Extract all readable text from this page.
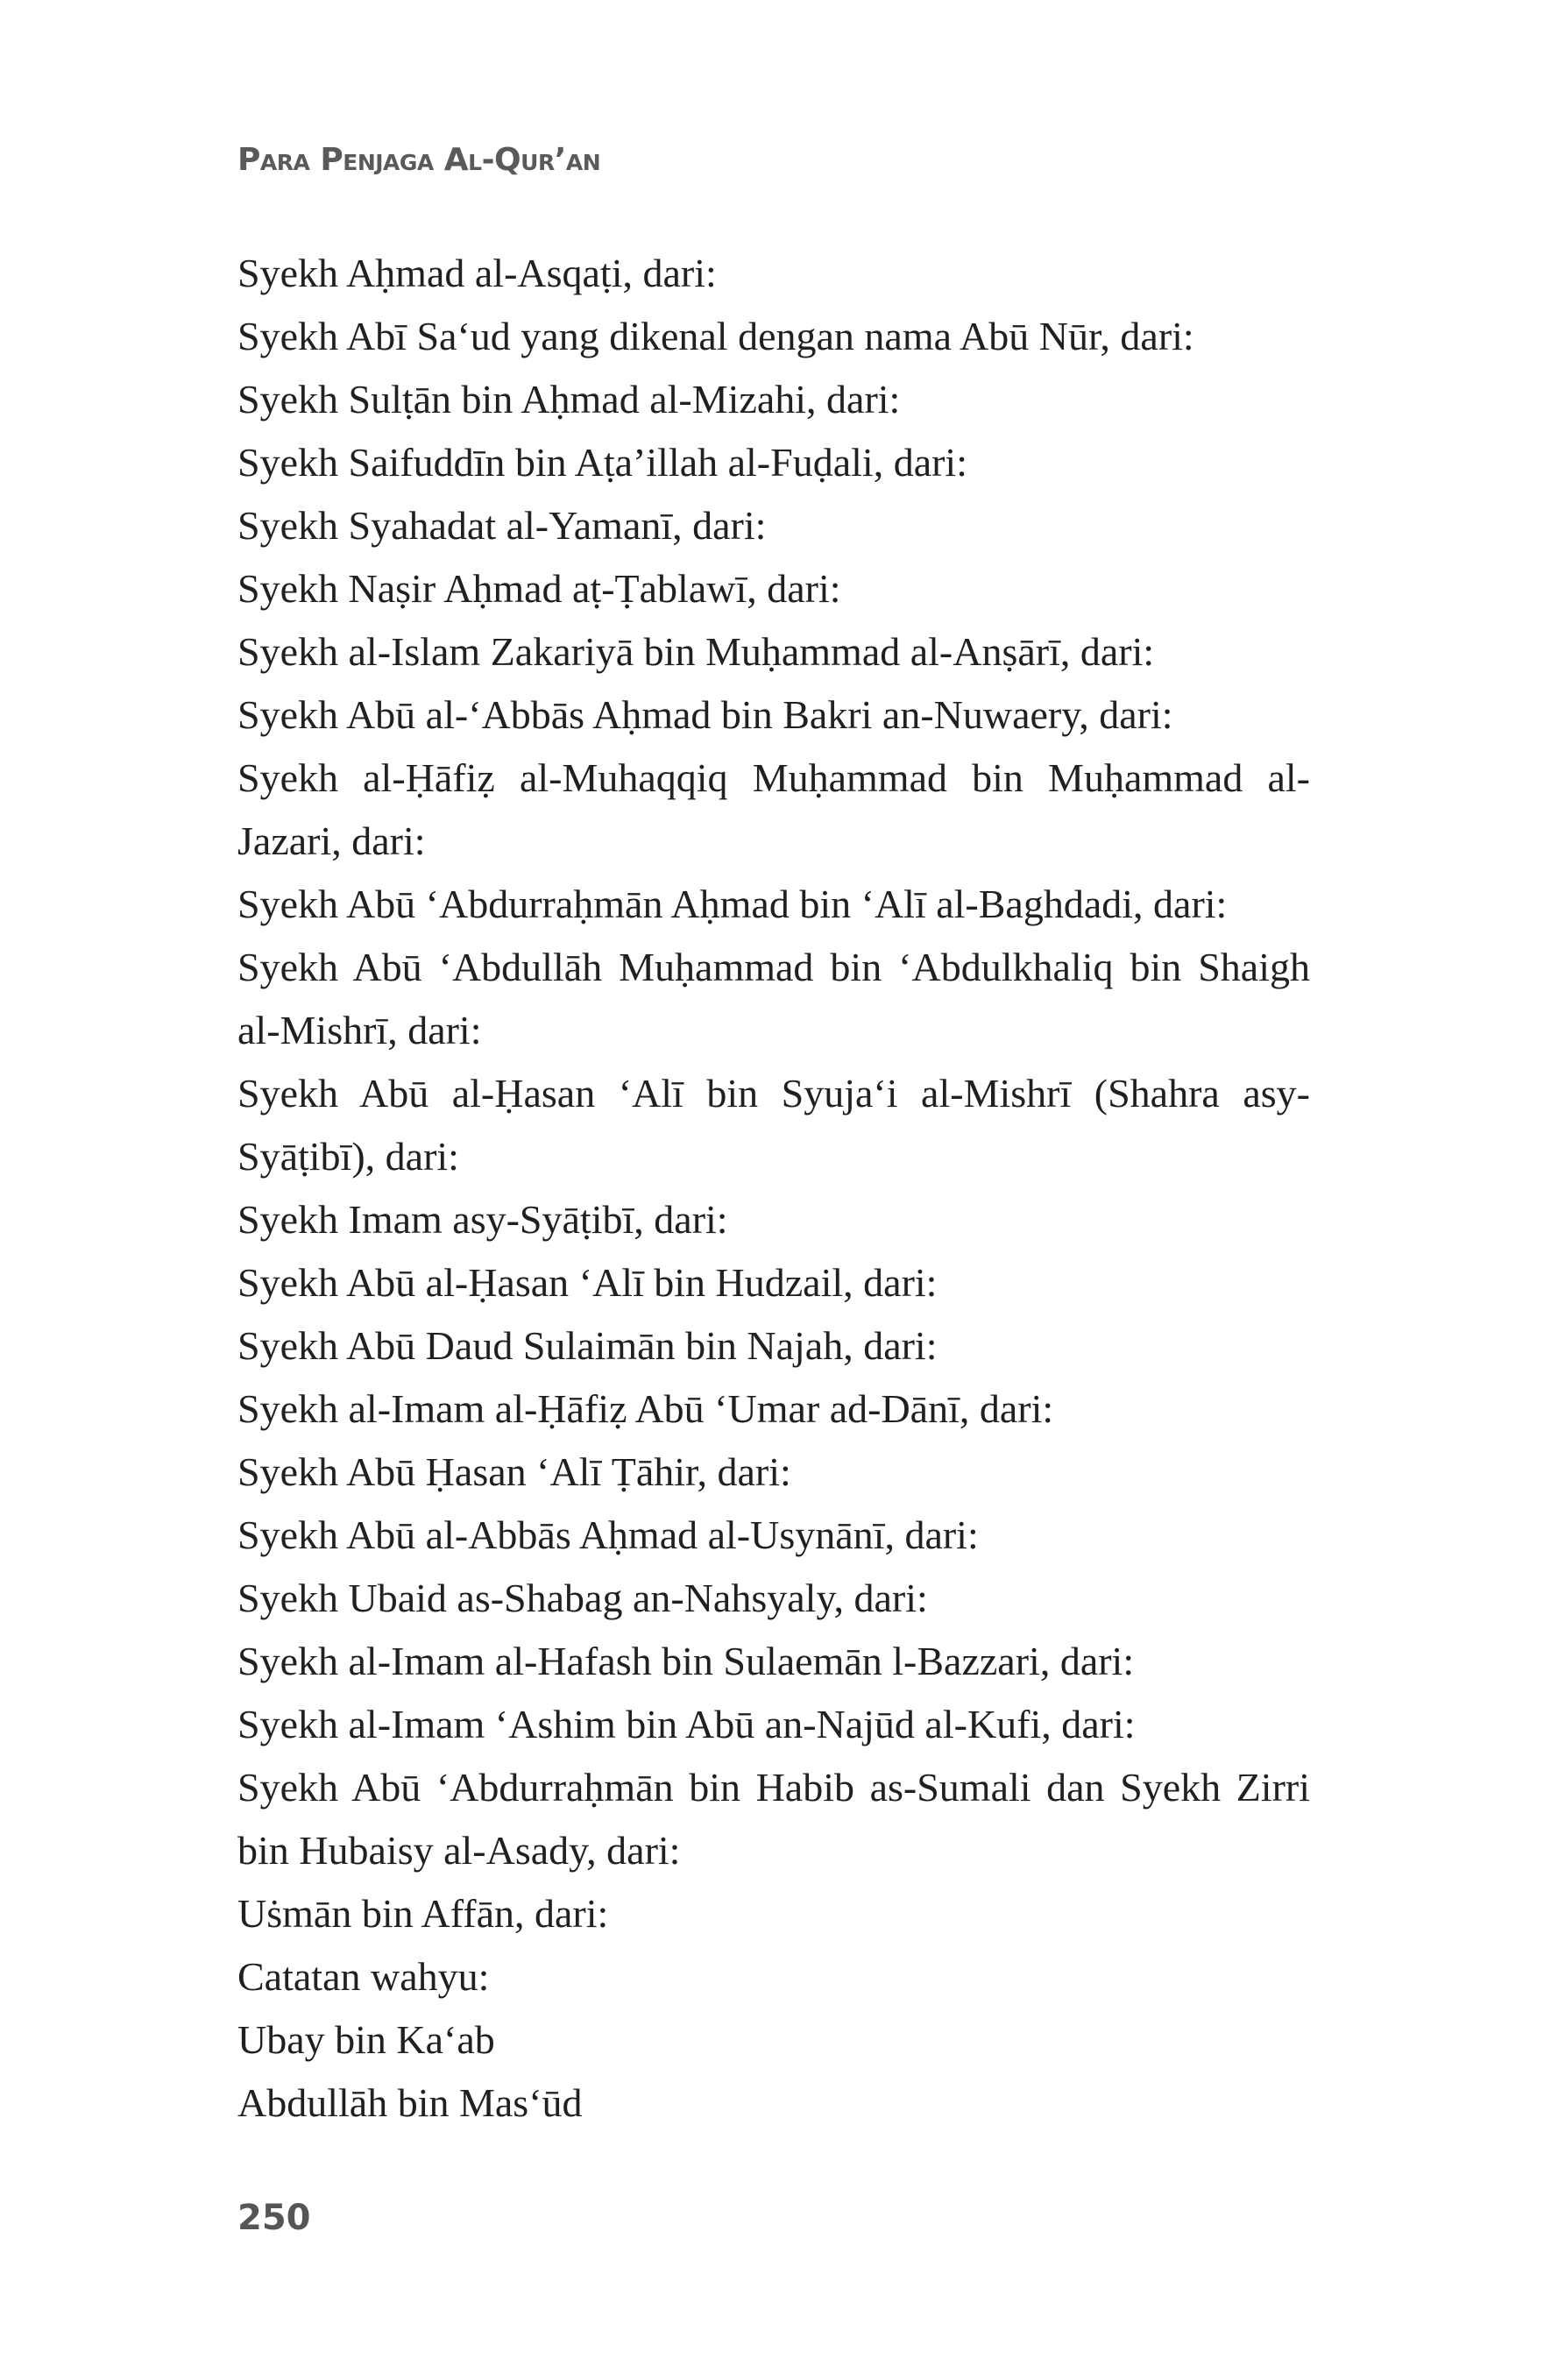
Para Penjaga Al-Qur’an
Syekh Aḥmad al-Asqaṭi, dari:
Syekh Abī Sa‘ud yang dikenal dengan nama Abū Nūr, dari:
Syekh Sulṭān bin Aḥmad al-Mizahi, dari:
Syekh Saifuddīn bin Aṭa’illah al-Fuḍali, dari:
Syekh Syahadat al-Yamanī, dari:
Syekh Naṣir Aḥmad aṭ-Ṭablawī, dari:
Syekh al-Islam Zakariyā bin Muḥammad al-Anṣārī, dari:
Syekh Abū al-‘Abbās Aḥmad bin Bakri an-Nuwaery, dari:
Syekh al-Ḥāfiẓ al-Muhaqqiq Muḥammad bin Muḥammad al-
Jazari, dari:
Syekh Abū ‘Abdurraḥmān Aḥmad bin ‘Alī al-Baghdadi, dari:
Syekh Abū ‘Abdullāh Muḥammad bin ‘Abdulkhaliq bin Shaigh
al-Mishrī, dari:
Syekh Abū al-Ḥasan ‘Alī bin Syuja‘i al-Mishrī (Shahra asy-
Syāṭibī), dari:
Syekh Imam asy-Syāṭibī, dari:
Syekh Abū al-Ḥasan ‘Alī bin Hudzail, dari:
Syekh Abū Daud Sulaimān bin Najah, dari:
Syekh al-Imam al-Ḥāfiẓ Abū ‘Umar ad-Dānī, dari:
Syekh Abū Ḥasan ‘Alī Ṭāhir, dari:
Syekh Abū al-Abbās Aḥmad al-Usynānī, dari:
Syekh Ubaid as-Shabag an-Nahsyaly, dari:
Syekh al-Imam al-Hafash bin Sulaemān l-Bazzari, dari:
Syekh al-Imam ‘Ashim bin Abū an-Najūd al-Kufi, dari:
Syekh Abū ‘Abdurraḥmān bin Habib as-Sumali dan Syekh Zirri
bin Hubaisy al-Asady, dari:
Uṡmān bin Affān, dari:
Catatan wahyu:
Ubay bin Ka‘ab
Abdullāh bin Mas‘ūd
250
